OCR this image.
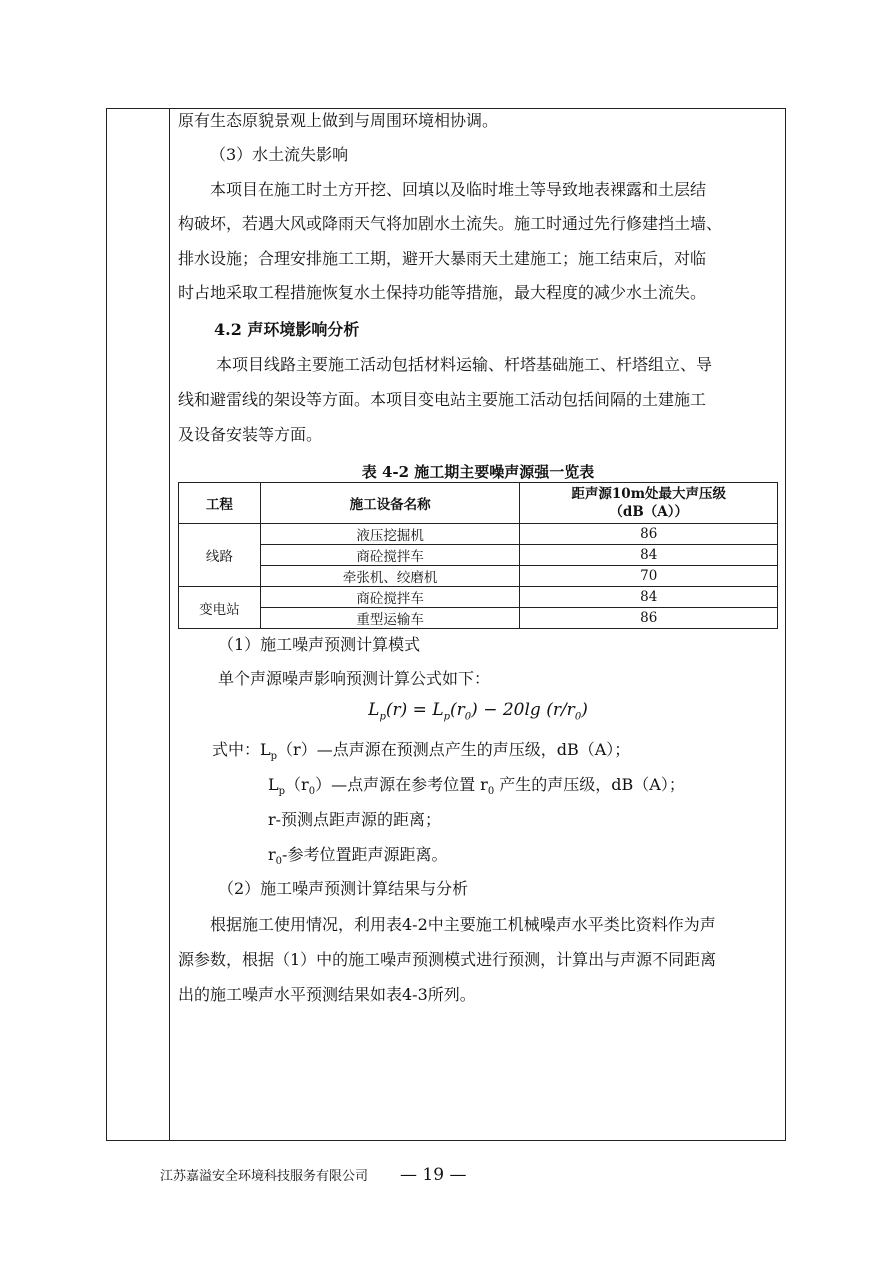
原有生态原貌景观上做到与周围环境相协调。
（3）水土流失影响
本项目在施工时土方开挖、回填以及临时堆土等导致地表裸露和土层结
构破坏，若遇大风或降雨天气将加剧水土流失。施工时通过先行修建挡土墙、
排水设施；合理安排施工工期，避开大暴雨天土建施工；施工结束后，对临
时占地采取工程措施恢复水土保持功能等措施，最大程度的减少水土流失。
4.2 声环境影响分析
本项目线路主要施工活动包括材料运输、杆塔基础施工、杆塔组立、导
线和避雷线的架设等方面。本项目变电站主要施工活动包括间隔的土建施工
及设备安装等方面。
表 4-2 施工期主要噪声源强一览表
工程	施工设备名称	距声源10m处最大声压级
（dB（A））
线路	液压挖掘机	86
	商砼搅拌车	84
	牵张机、绞磨机	70
变电站	商砼搅拌车	84
	重型运输车	86
（1）施工噪声预测计算模式
单个声源噪声影响预测计算公式如下：
$L_p(r) = L_p(r_0) - 20\lg$ $(r/r_0)$
式中：$L_p(r)—$点声源在预测点产生的声压级，dB（A）；
$L_p(r_0)—$点声源在参考位置 $r_0$ 产生的声压级，dB（A）；
r-预测点距声源的距离；
$r_0-$参考位置距声源距离。
（2）施工噪声预测计算结果与分析
根据施工使用情况，利用表4-2中主要施工机械噪声水平类比资料作为声
源参数，根据（1）中的施工噪声预测模式进行预测，计算出与声源不同距离
出的施工噪声水平预测结果如表4-3所列。
江苏嘉溢安全环境科技服务有限公司 — 19 —
